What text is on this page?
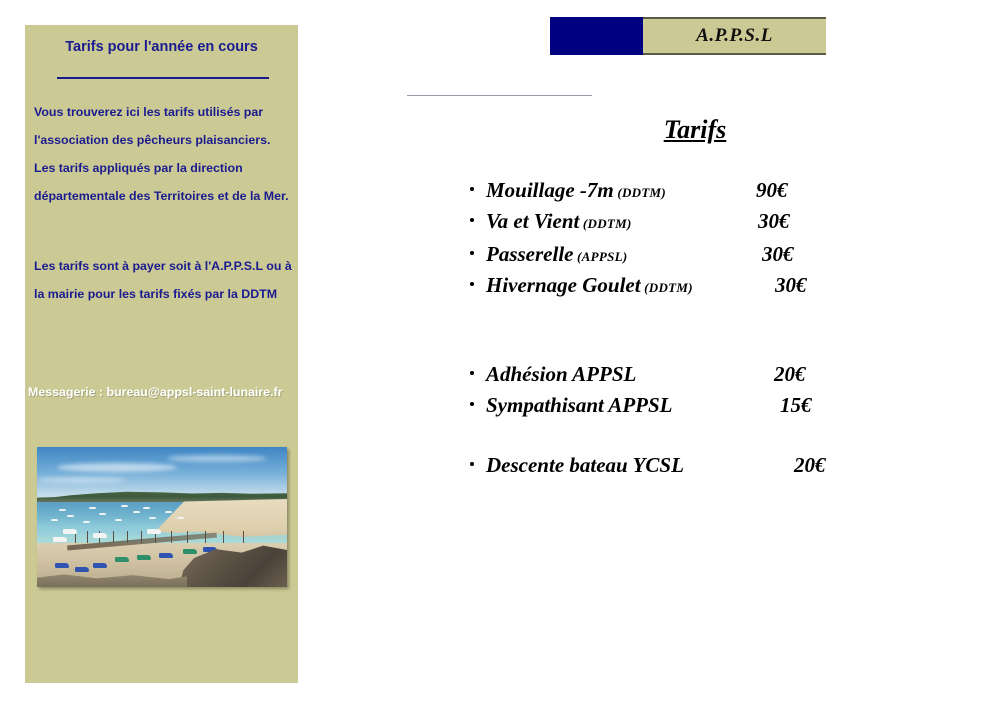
Tarifs pour l'année en cours
Vous trouverez ici les tarifs utilisés par l'association des pêcheurs plaisanciers. Les tarifs appliqués par la direction départementale des Territoires et de la Mer.
Les tarifs sont à payer soit à l'A.P.P.S.L ou à la mairie pour les tarifs fixés par la DDTM
Messagerie : bureau@appsl-saint-lunaire.fr
A.P.P.S.L
Tarifs
Mouillage -7m (DDTM)	90€
Va et Vient (DDTM)	30€
Passerelle (APPSL)	30€
Hivernage Goulet (DDTM)	30€
Adhésion APPSL	20€
Sympathisant APPSL	15€
Descente bateau YCSL	20€
